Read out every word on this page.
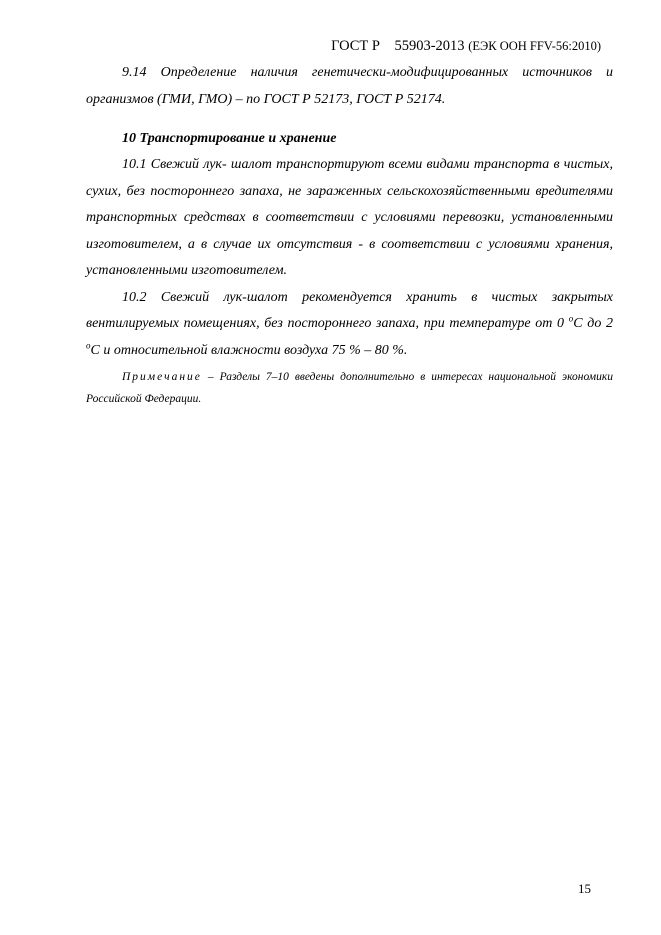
ГОСТ Р 55903-2013 (ЕЭК ООН FFV-56:2010)

9.14 Определение наличия генетически-модифицированных источников и организмов (ГМИ, ГМО) – по ГОСТ Р 52173, ГОСТ Р 52174.

10 Транспортирование и хранение

10.1 Свежий лук- шалот транспортируют всеми видами транспорта в чистых, сухих, без постороннего запаха, не зараженных сельскохозяйственными вредителями транспортных средствах в соответствии с условиями перевозки, установленными изготовителем, а в случае их отсутствия - в соответствии с условиями хранения, установленными изготовителем.

10.2 Свежий лук-шалот рекомендуется хранить в чистых закрытых вентилируемых помещениях, без постороннего запаха, при температуре от 0 $^o$С до 2 $^o$С и относительной влажности воздуха 75 % – 80 %.

Примечание – Разделы 7–10 введены дополнительно в интересах национальной экономики Российской Федерации.

15
